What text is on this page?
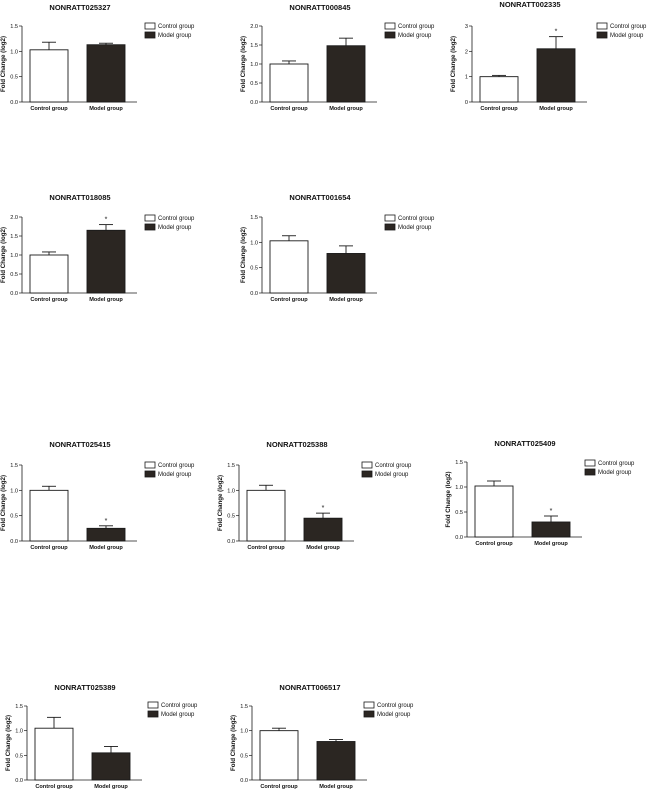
NONRATT025327
0.0
0.5
1.0
1.5
Fold Change (log2)
Control group	Model group
Control group
Model group
NONRATT000845
0.0
0.5
1.0
1.5
2.0
Fold Change (log2)
Control group	Model group
Control group
Model group
NONRATT002335
0
1
2
3
Fold Change (log2)
Control group
*
Model group
Control group
Model group
NONRATT018085
0.0
0.5
1.0
1.5
2.0
Fold Change (log2)
Control group
*
Model group
Control group
Model group
NONRATT001654
0.0
0.5
1.0
1.5
Fold Change (log2)
Control group	Model group
Control group
Model group
NONRATT025415
0.0
0.5
1.0
1.5
Fold Change (log2)
Control group
*
Model group
Control group
Model group
NONRATT025388
0.0
0.5
1.0
1.5
Fold Change (log2)
Control group
*
Model group
Control group
Model group
NONRATT025409
0.0
0.5
1.0
1.5
Fold Change (log2)
Control group
*
Model group
Control group
Model group
NONRATT025389
0.0
0.5
1.0
1.5
Fold Change (log2)
Control group	Model group
Control group
Model group
NONRATT006517
0.0
0.5
1.0
1.5
Fold Change (log2)
Control group	Model group
Control group
Model group
